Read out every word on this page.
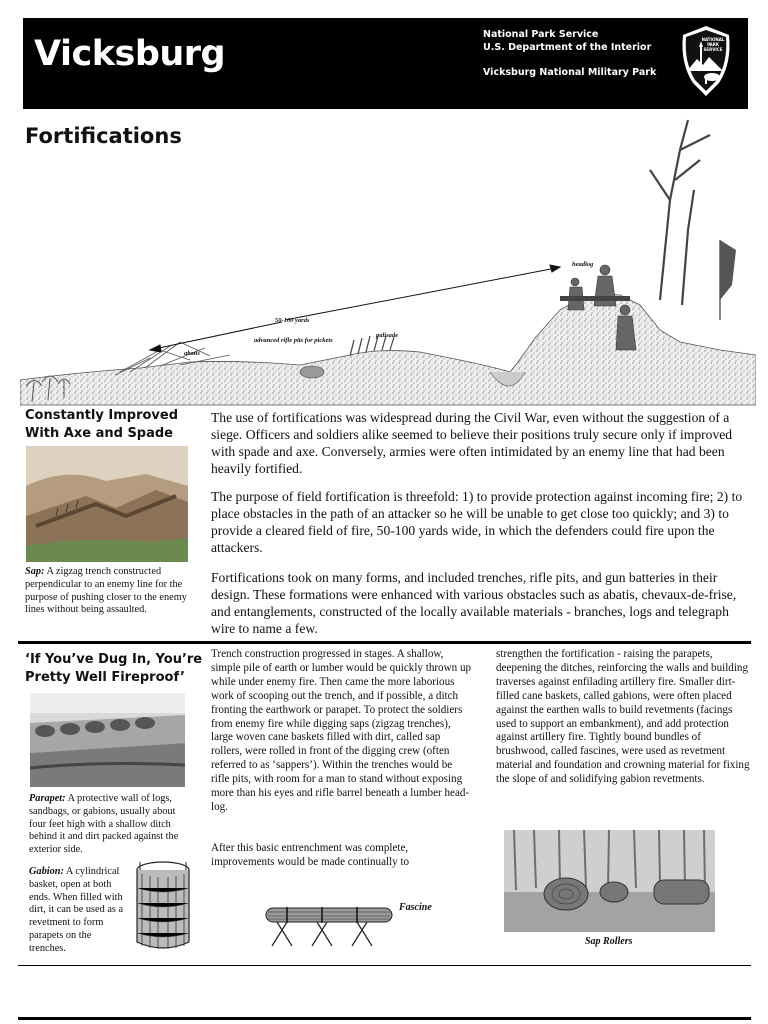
Vicksburg	National Park Service
U.S. Department of the Interior
Vicksburg National Military Park
NATIONAL
PARK
SERVICE
headlog
50-100 yards
advanced rifle pits for pickets
palisade
abatis
Fortifications
Constantly Improved
With Axe and Spade
Sap: A zigzag trench constructed perpendicular to an enemy line for the purpose of pushing closer to the enemy lines without being assaulted.
The use of fortifications was widespread during the Civil War, even without the suggestion of a siege. Officers and soldiers alike seemed to believe their positions truly secure only if improved with spade and axe. Conversely, armies were often intimidated by an enemy line that had been heavily fortified.
The purpose of field fortification is threefold: 1) to provide protection against incoming fire; 2) to place obstacles in the path of an attacker so he will be unable to get close too quickly; and 3) to provide a cleared field of fire, 50-100 yards wide, in which the defenders could fire upon the attackers.
Fortifications took on many forms, and included trenches, rifle pits, and gun batteries in their design. These formations were enhanced with various obstacles such as abatis, chevaux-de-frise, and entanglements, constructed of the locally available materials - branches, logs and telegraph wire to name a few.
‘If You’ve Dug In, You’re
Pretty Well Fireproof’
Parapet: A protective wall of logs, sandbags, or gabions, usually about four feet high with a shallow ditch behind it and dirt packed against the exterior side.
Gabion: A cylindrical basket, open at both ends. When filled with dirt, it can be used as a revetment to form parapets on the trenches.
Trench construction progressed in stages. A shallow, simple pile of earth or lumber would be quickly thrown up while under enemy fire. Then came the more laborious work of scooping out the trench, and if possible, a ditch fronting the earthwork or parapet. To protect the soldiers from enemy fire while digging saps (zigzag trenches), large woven cane baskets filled with dirt, called sap rollers, were rolled in front of the digging crew (often referred to as ‘sappers’). Within the trenches would be rifle pits, with room for a man to stand without exposing more than his eyes and rifle barrel beneath a lumber head-log.
After this basic entrenchment was complete, improvements would be made continually to
Fascine
strengthen the fortification - raising the parapets, deepening the ditches, reinforcing the walls and building traverses against enfilading artillery fire. Smaller dirt-filled cane baskets, called gabions, were often placed against the earthen walls to build revetments (facings used to support an embankment), and add protection against artillery fire. Tightly bound bundles of brushwood, called fascines, were used as revetment material and foundation and crowning material for fixing the slope of and solidifying gabion revetments.
Sap Rollers
